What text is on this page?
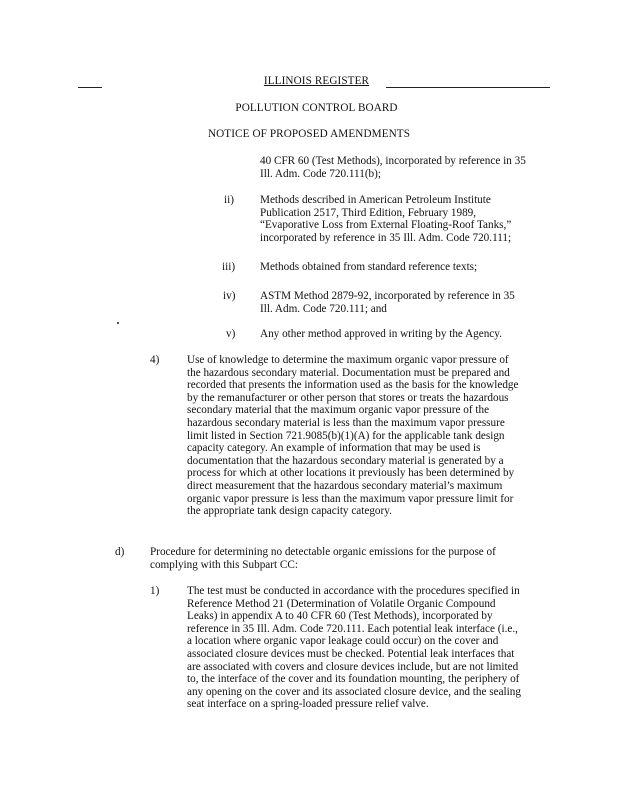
ILLINOIS REGISTER
POLLUTION CONTROL BOARD
NOTICE OF PROPOSED AMENDMENTS
40 CFR 60 (Test Methods), incorporated by reference in 35
Ill. Adm. Code 720.111(b);
ii) Methods described in American Petroleum Institute
Publication 2517, Third Edition, February 1989,
“Evaporative Loss from External Floating-Roof Tanks,”
incorporated by reference in 35 Ill. Adm. Code 720.111;
iii) Methods obtained from standard reference texts;
iv) ASTM Method 2879-92, incorporated by reference in 35
Ill. Adm. Code 720.111; and
v) Any other method approved in writing by the Agency.
4) Use of knowledge to determine the maximum organic vapor pressure of
the hazardous secondary material. Documentation must be prepared and
recorded that presents the information used as the basis for the knowledge
by the remanufacturer or other person that stores or treats the hazardous
secondary material that the maximum organic vapor pressure of the
hazardous secondary material is less than the maximum vapor pressure
limit listed in Section 721.9085(b)(1)(A) for the applicable tank design
capacity category. An example of information that may be used is
documentation that the hazardous secondary material is generated by a
process for which at other locations it previously has been determined by
direct measurement that the hazardous secondary material’s maximum
organic vapor pressure is less than the maximum vapor pressure limit for
the appropriate tank design capacity category.
d) Procedure for determining no detectable organic emissions for the purpose of
complying with this Subpart CC:
1) The test must be conducted in accordance with the procedures specified in
Reference Method 21 (Determination of Volatile Organic Compound
Leaks) in appendix A to 40 CFR 60 (Test Methods), incorporated by
reference in 35 Ill. Adm. Code 720.111. Each potential leak interface (i.e.,
a location where organic vapor leakage could occur) on the cover and
associated closure devices must be checked. Potential leak interfaces that
are associated with covers and closure devices include, but are not limited
to, the interface of the cover and its foundation mounting, the periphery of
any opening on the cover and its associated closure device, and the sealing
seat interface on a spring-loaded pressure relief valve.
